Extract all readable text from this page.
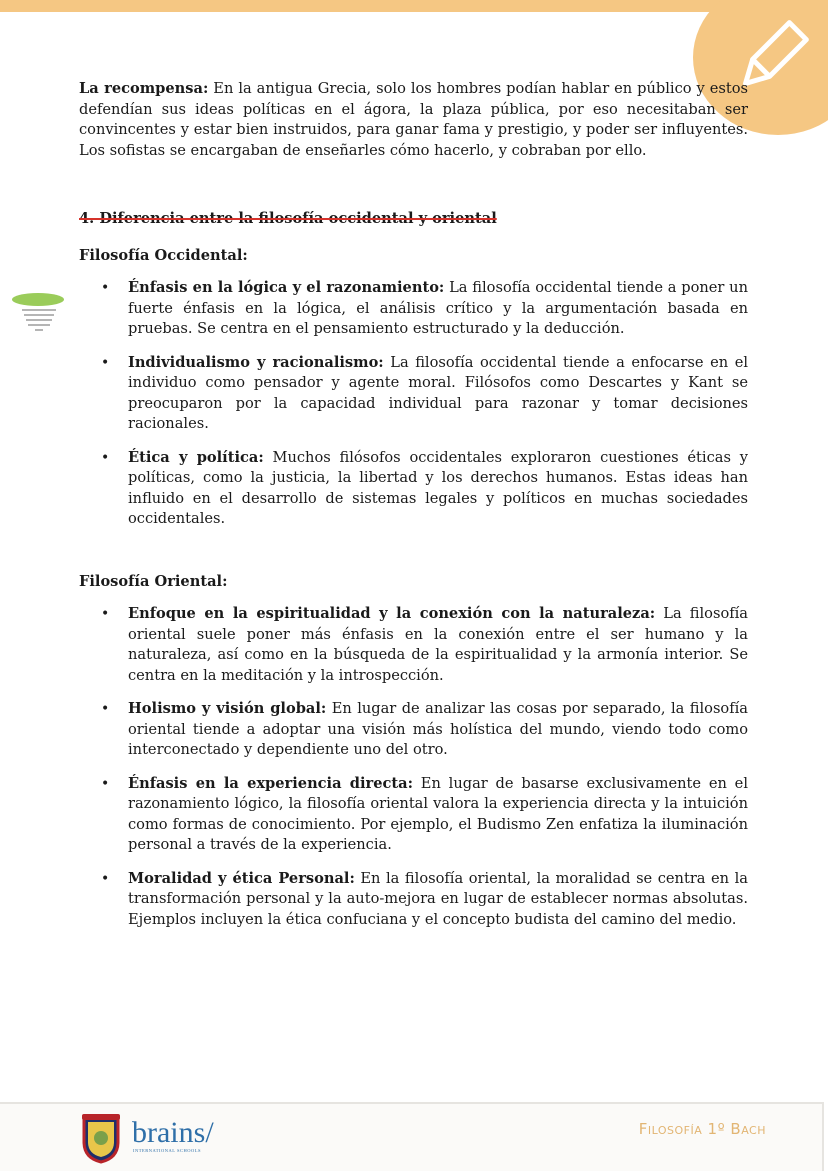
La recompensa: En la antigua Grecia, solo los hombres podían hablar en público y estos defendían sus ideas políticas en el ágora, la plaza pública, por eso necesitaban ser convincentes y estar bien instruidos, para ganar fama y prestigio, y poder ser influyentes. Los sofistas se encargaban de enseñarles cómo hacerlo, y cobraban por ello.

4. Diferencia entre la filosofía occidental y oriental
Filosofía Occidental:
• Énfasis en la lógica y el razonamiento: La filosofía occidental tiende a poner un fuerte énfasis en la lógica, el análisis crítico y la argumentación basada en pruebas. Se centra en el pensamiento estructurado y la deducción.
• Individualismo y racionalismo: La filosofía occidental tiende a enfocarse en el individuo como pensador y agente moral. Filósofos como Descartes y Kant se preocuparon por la capacidad individual para razonar y tomar decisiones racionales.
• Ética y política: Muchos filósofos occidentales exploraron cuestiones éticas y políticas, como la justicia, la libertad y los derechos humanos. Estas ideas han influido en el desarrollo de sistemas legales y políticos en muchas sociedades occidentales.
Filosofía Oriental:
• Enfoque en la espiritualidad y la conexión con la naturaleza: La filosofía oriental suele poner más énfasis en la conexión entre el ser humano y la naturaleza, así como en la búsqueda de la espiritualidad y la armonía interior. Se centra en la meditación y la introspección.
• Holismo y visión global: En lugar de analizar las cosas por separado, la filosofía oriental tiende a adoptar una visión más holística del mundo, viendo todo como interconectado y dependiente uno del otro.
• Énfasis en la experiencia directa: En lugar de basarse exclusivamente en el razonamiento lógico, la filosofía oriental valora la experiencia directa y la intuición como formas de conocimiento. Por ejemplo, el Budismo Zen enfatiza la iluminación personal a través de la experiencia.
• Moralidad y ética Personal: En la filosofía oriental, la moralidad se centra en la transformación personal y la auto-mejora en lugar de establecer normas absolutas. Ejemplos incluyen la ética confuciana y el concepto budista del camino del medio.
brains/
INTERNATIONAL SCHOOLS
Filosofía 1º Bach
